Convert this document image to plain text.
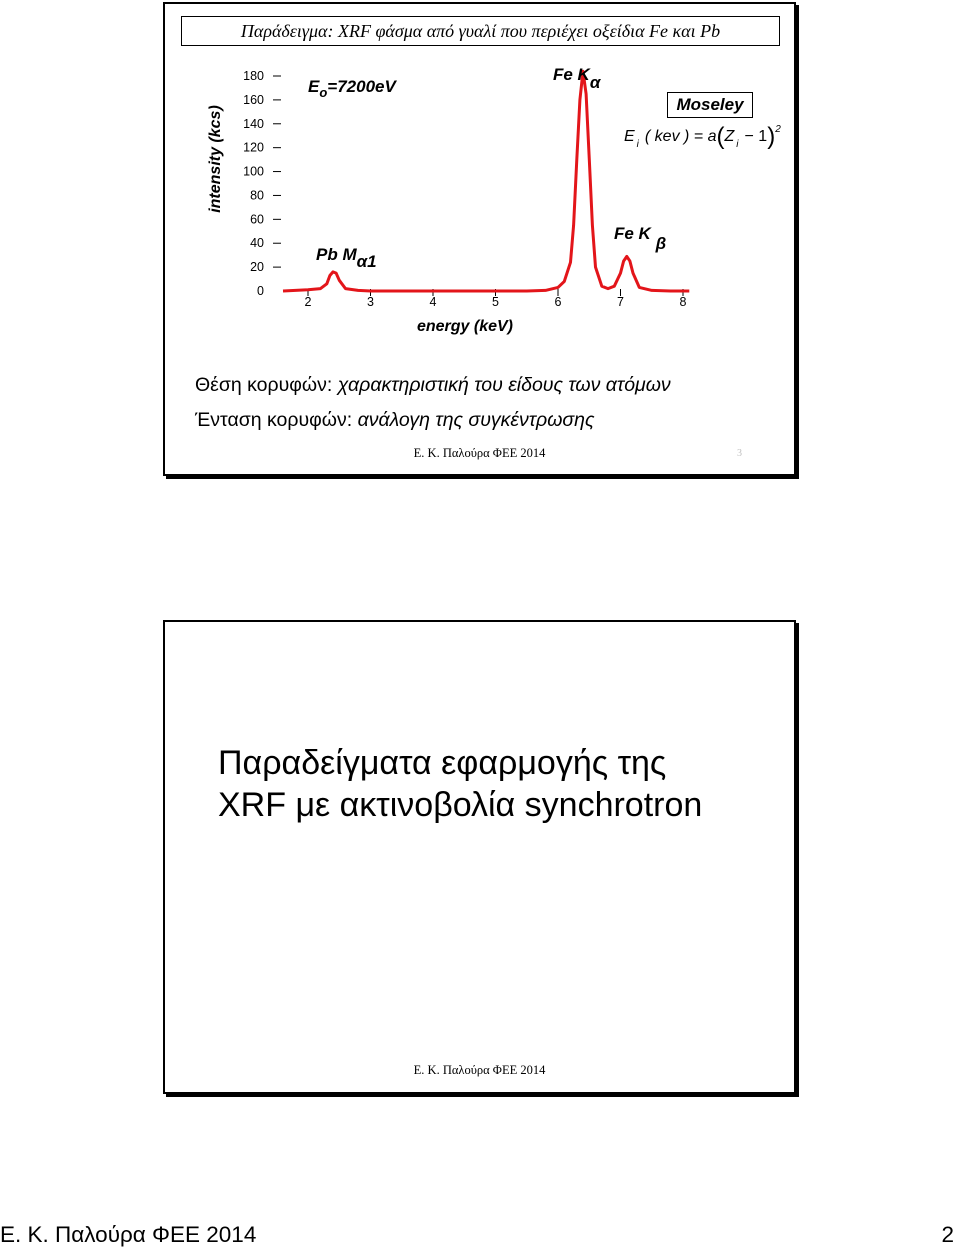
Παράδειγμα: XRF φάσμα από γυαλί που περιέχει οξείδια Fe και Pb
0
20
40
60
80
100
120
140
160
180
2	3	4	5	6	7	8
intensity (kcs)
energy (keV)
$E_o=7200eV$
Fe Kα
Fe K β
Pb Mα1
Moseley
E $_i$ ( kev ) = a(Z $_i$ − 1)$^2$
Θέση κορυφών: χαρακτηριστική του είδους των ατόμων
Ένταση κορυφών: ανάλογη της συγκέντρωσης
Ε. Κ. Παλούρα ΦΕΕ 2014	3
Παραδείγματα εφαρμογής της
XRF με ακτινοβολία synchrotron
Ε. Κ. Παλούρα ΦΕΕ 2014
Ε. Κ. Παλούρα ΦΕΕ 2014	2
